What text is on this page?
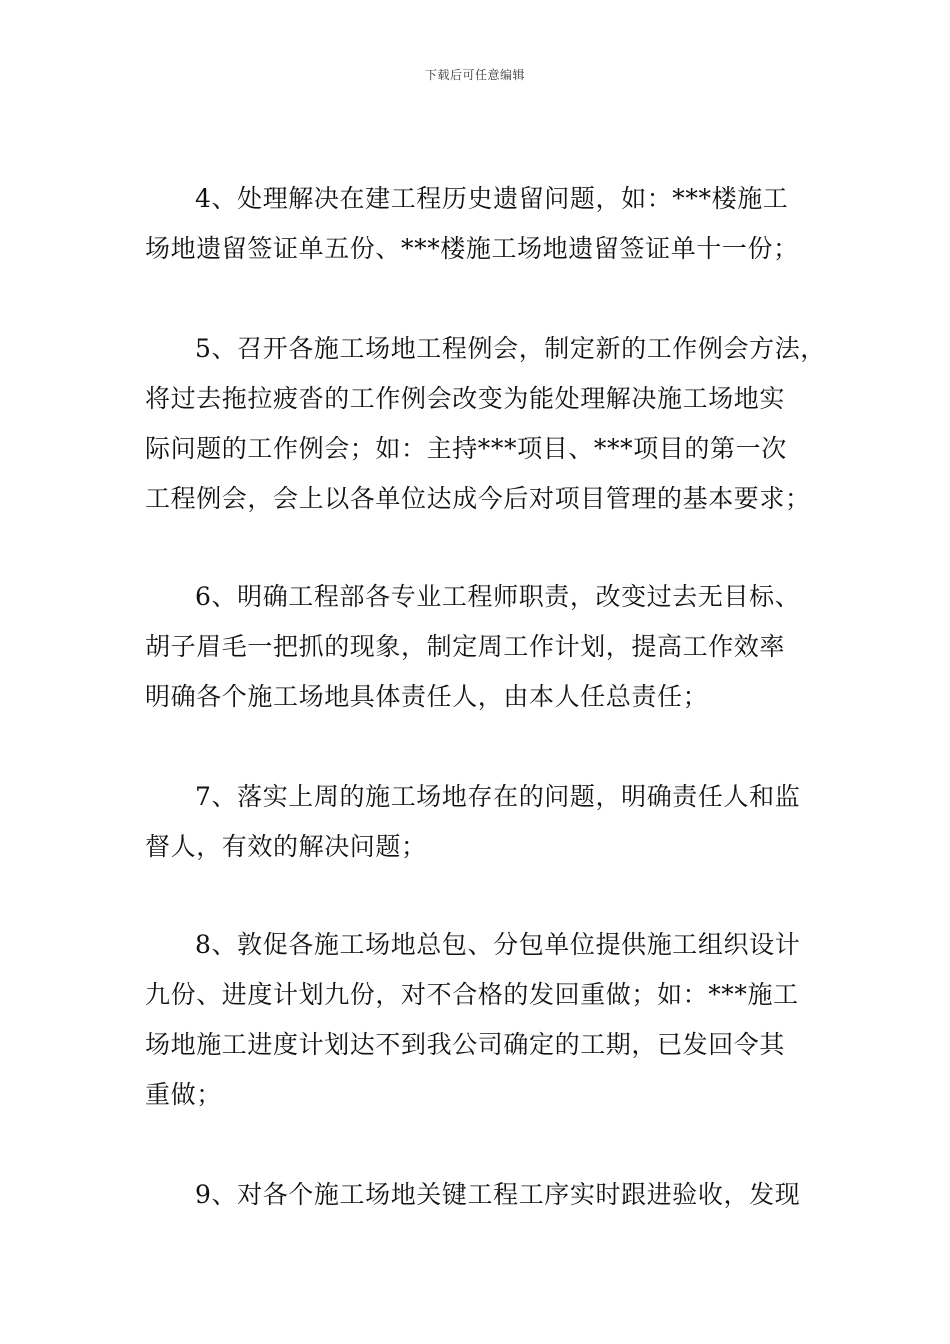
下载后可任意编辑
4、处理解决在建工程历史遗留问题，如：***楼施工
场地遗留签证单五份、***楼施工场地遗留签证单十一份；
5、召开各施工场地工程例会，制定新的工作例会方法，
将过去拖拉疲沓的工作例会改变为能处理解决施工场地实
际问题的工作例会；如：主持***项目、***项目的第一次
工程例会，会上以各单位达成今后对项目管理的基本要求；
6、明确工程部各专业工程师职责，改变过去无目标、
胡子眉毛一把抓的现象，制定周工作计划，提高工作效率
明确各个施工场地具体责任人，由本人任总责任；
7、落实上周的施工场地存在的问题，明确责任人和监
督人，有效的解决问题；
8、敦促各施工场地总包、分包单位提供施工组织设计
九份、进度计划九份，对不合格的发回重做；如：***施工
场地施工进度计划达不到我公司确定的工期，已发回令其
重做；
9、对各个施工场地关键工程工序实时跟进验收，发现
